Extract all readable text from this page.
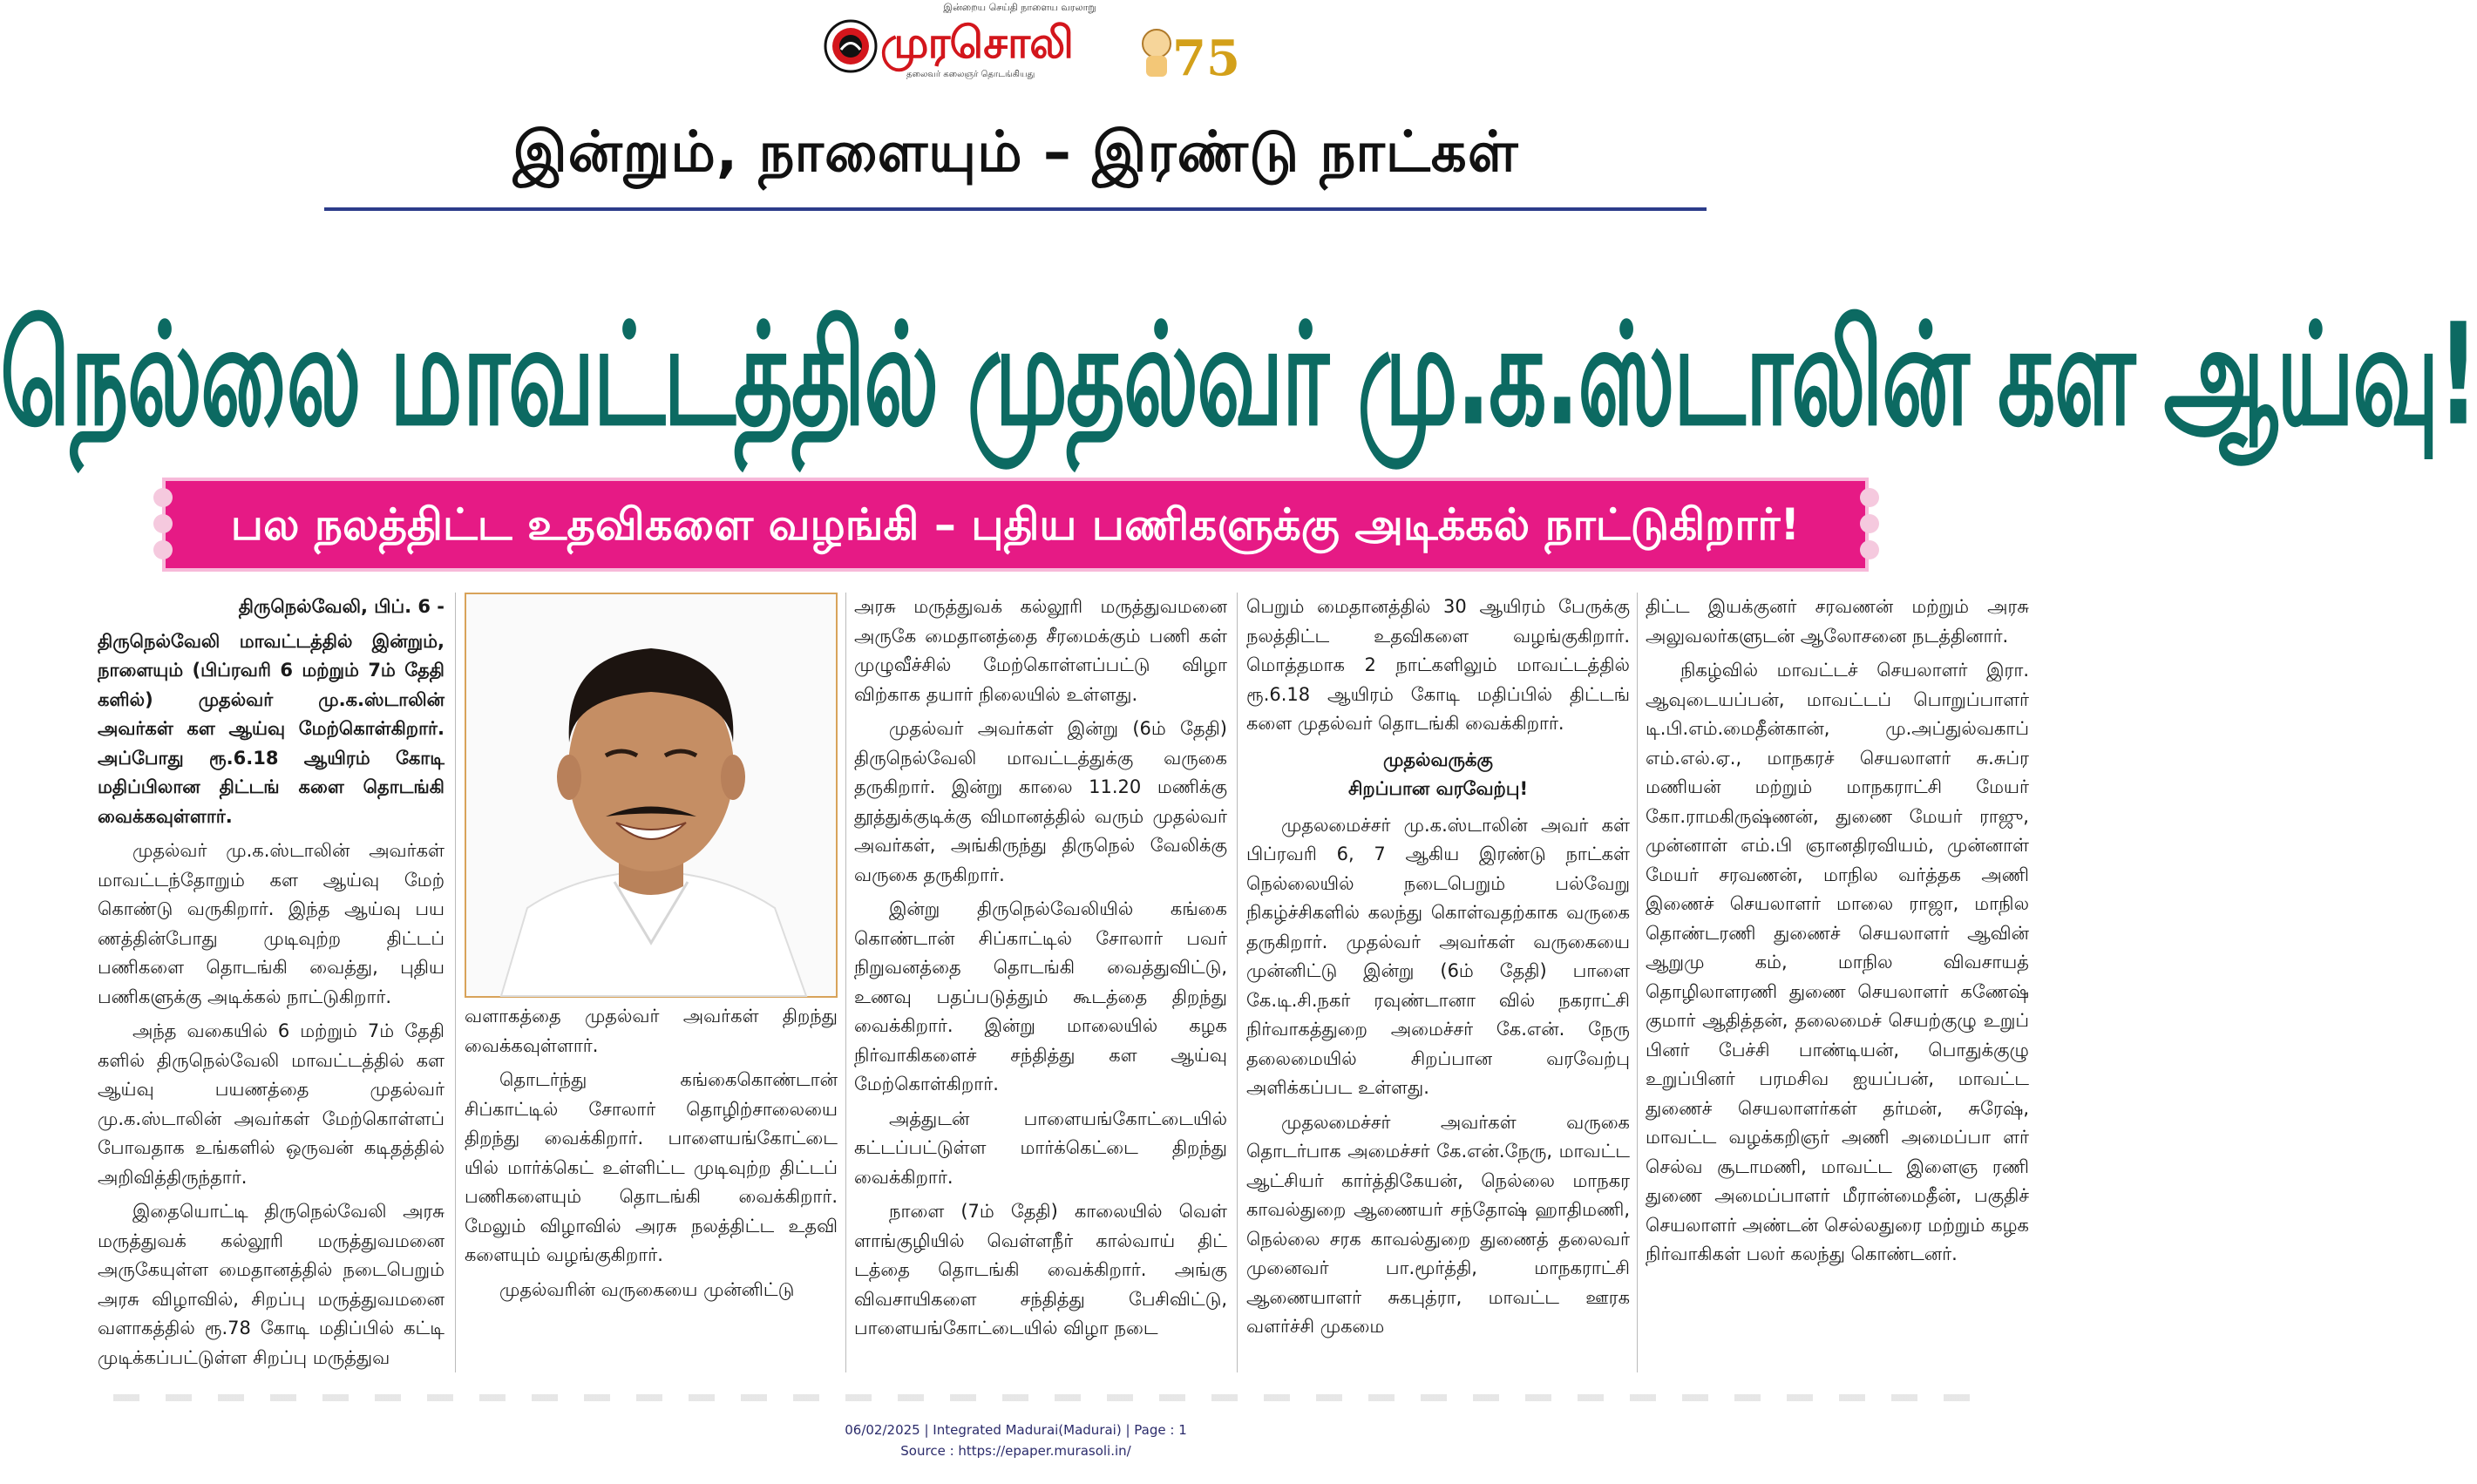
இன்றைய செய்தி நாளைய வரலாறு
முரசொலி
தலைவர் கலைஞர் தொடங்கியது	75
இன்றும், நாளையும் – இரண்டு நாட்கள்
நெல்லை மாவட்டத்தில் முதல்வர் மு.க.ஸ்டாலின் கள ஆய்வு!
பல நலத்திட்ட உதவிகளை வழங்கி – புதிய பணிகளுக்கு அடிக்கல் நாட்டுகிறார்!

திருநெல்வேலி, பிப். 6 -

திருநெல்வேலி மாவட்டத்தில் இன்றும், நாளையும் (பிப்ரவரி 6 மற்றும் 7ம் தேதி களில்) முதல்வர் மு.க.ஸ்டாலின் அவர்கள் கள ஆய்வு மேற்கொள்கிறார். அப்போது ரூ.6.18 ஆயிரம் கோடி மதிப்பிலான திட்டங் களை தொடங்கி வைக்கவுள்ளார்.

முதல்வர் மு.க.ஸ்டாலின் அவர்கள் மாவட்டந்தோறும் கள ஆய்வு மேற் கொண்டு வருகிறார். இந்த ஆய்வு பய ணத்தின்போது முடிவுற்ற திட்டப் பணிகளை தொடங்கி வைத்து, புதிய பணிகளுக்கு அடிக்கல் நாட்டுகிறார்.

அந்த வகையில் 6 மற்றும் 7ம் தேதி களில் திருநெல்வேலி மாவட்டத்தில் கள ஆய்வு பயணத்தை முதல்வர் மு.க.ஸ்டாலின் அவர்கள் மேற்கொள்ளப் போவதாக உங்களில் ஒருவன் கடிதத்தில் அறிவித்திருந்தார்.

இதையொட்டி திருநெல்வேலி அரசு மருத்துவக் கல்லூரி மருத்துவமனை அருகேயுள்ள மைதானத்தில் நடைபெறும் அரசு விழாவில், சிறப்பு மருத்துவமனை வளாகத்தில் ரூ.78 கோடி மதிப்பில் கட்டி முடிக்கப்பட்டுள்ள சிறப்பு மருத்துவ

வளாகத்தை முதல்வர் அவர்கள் திறந்து வைக்கவுள்ளார்.

தொடர்ந்து கங்கைகொண்டான் சிப்காட்டில் சோலார் தொழிற்சாலையை திறந்து வைக்கிறார். பாளையங்கோட்டை யில் மார்க்கெட் உள்ளிட்ட முடிவுற்ற திட்டப் பணிகளையும் தொடங்கி வைக்கிறார். மேலும் விழாவில் அரசு நலத்திட்ட உதவி களையும் வழங்குகிறார்.

முதல்வரின் வருகையை முன்னிட்டு

அரசு மருத்துவக் கல்லூரி மருத்துவமனை அருகே மைதானத்தை சீரமைக்கும் பணி கள் முழுவீச்சில் மேற்கொள்ளப்பட்டு விழா விற்காக தயார் நிலையில் உள்ளது.

முதல்வர் அவர்கள் இன்று (6ம் தேதி) திருநெல்வேலி மாவட்டத்துக்கு வருகை தருகிறார். இன்று காலை 11.20 மணிக்கு தூத்துக்குடிக்கு விமானத்தில் வரும் முதல்வர் அவர்கள், அங்கிருந்து திருநெல் வேலிக்கு வருகை தருகிறார்.

இன்று திருநெல்வேலியில் கங்கை கொண்டான் சிப்காட்டில் சோலார் பவர் நிறுவனத்தை தொடங்கி வைத்துவிட்டு, உணவு பதப்படுத்தும் கூடத்தை திறந்து வைக்கிறார். இன்று மாலையில் கழக நிர்வாகிகளைச் சந்தித்து கள ஆய்வு மேற்கொள்கிறார்.

அத்துடன் பாளையங்கோட்டையில் கட்டப்பட்டுள்ள மார்க்கெட்டை திறந்து வைக்கிறார்.

நாளை (7ம் தேதி) காலையில் வெள் ளாங்குழியில் வெள்ளநீர் கால்வாய் திட் டத்தை தொடங்கி வைக்கிறார். அங்கு விவசாயிகளை சந்தித்து பேசிவிட்டு, பாளையங்கோட்டையில் விழா நடை

பெறும் மைதானத்தில் 30 ஆயிரம் பேருக்கு நலத்திட்ட உதவிகளை வழங்குகிறார். மொத்தமாக 2 நாட்களிலும் மாவட்டத்தில் ரூ.6.18 ஆயிரம் கோடி மதிப்பில் திட்டங் களை முதல்வர் தொடங்கி வைக்கிறார்.

முதல்வருக்கு

சிறப்பான வரவேற்பு!

முதலமைச்சர் மு.க.ஸ்டாலின் அவர் கள் பிப்ரவரி 6, 7 ஆகிய இரண்டு நாட்கள் நெல்லையில் நடைபெறும் பல்வேறு நிகழ்ச்சிகளில் கலந்து கொள்வதற்காக வருகை தருகிறார். முதல்வர் அவர்கள் வருகையை முன்னிட்டு இன்று (6ம் தேதி) பாளை கே.டி.சி.நகர் ரவுண்டானா வில் நகராட்சி நிர்வாகத்துறை அமைச்சர் கே.என். நேரு தலைமையில் சிறப்பான வரவேற்பு அளிக்கப்பட உள்ளது.

முதலமைச்சர் அவர்கள் வருகை தொடர்பாக அமைச்சர் கே.என்.நேரு, மாவட்ட ஆட்சியர் கார்த்திகேயன், நெல்லை மாநகர காவல்துறை ஆணையர் சந்தோஷ் ஹாதிமணி, நெல்லை சரக காவல்துறை துணைத் தலைவர் முனைவர் பா.மூர்த்தி, மாநகராட்சி ஆணையாளர் சுகபுத்ரா, மாவட்ட ஊரக வளர்ச்சி முகமை

திட்ட இயக்குனர் சரவணன் மற்றும் அரசு அலுவலர்களுடன் ஆலோசனை நடத்தினார்.

நிகழ்வில் மாவட்டச் செயலாளர் இரா. ஆவுடையப்பன், மாவட்டப் பொறுப்பாளர் டி.பி.எம்.மைதீன்கான், மு.அப்துல்வகாப் எம்.எல்.ஏ., மாநகரச் செயலாளர் சு.சுப்ர மணியன் மற்றும் மாநகராட்சி மேயர் கோ.ராமகிருஷ்ணன், துணை மேயர் ராஜு, முன்னாள் எம்.பி ஞானதிரவியம், முன்னாள் மேயர் சரவணன், மாநில வர்த்தக அணி இணைச் செயலாளர் மாலை ராஜா, மாநில தொண்டரணி துணைச் செயலாளர் ஆவின் ஆறுமு கம், மாநில விவசாயத் தொழிலாளரணி துணை செயலாளர் கணேஷ் குமார் ஆதித்தன், தலைமைச் செயற்குழு உறுப் பினர் பேச்சி பாண்டியன், பொதுக்குழு உறுப்பினர் பரமசிவ ஐயப்பன், மாவட்ட துணைச் செயலாளர்கள் தர்மன், சுரேஷ், மாவட்ட வழக்கறிஞர் அணி அமைப்பா ளர் செல்வ சூடாமணி, மாவட்ட இளைஞ ரணி துணை அமைப்பாளர் மீரான்மைதீன், பகுதிச் செயலாளர் அண்டன் செல்லதுரை மற்றும் கழக நிர்வாகிகள் பலர் கலந்து கொண்டனர்.

06/02/2025 | Integrated Madurai(Madurai) | Page : 1
Source : https://epaper.murasoli.in/
